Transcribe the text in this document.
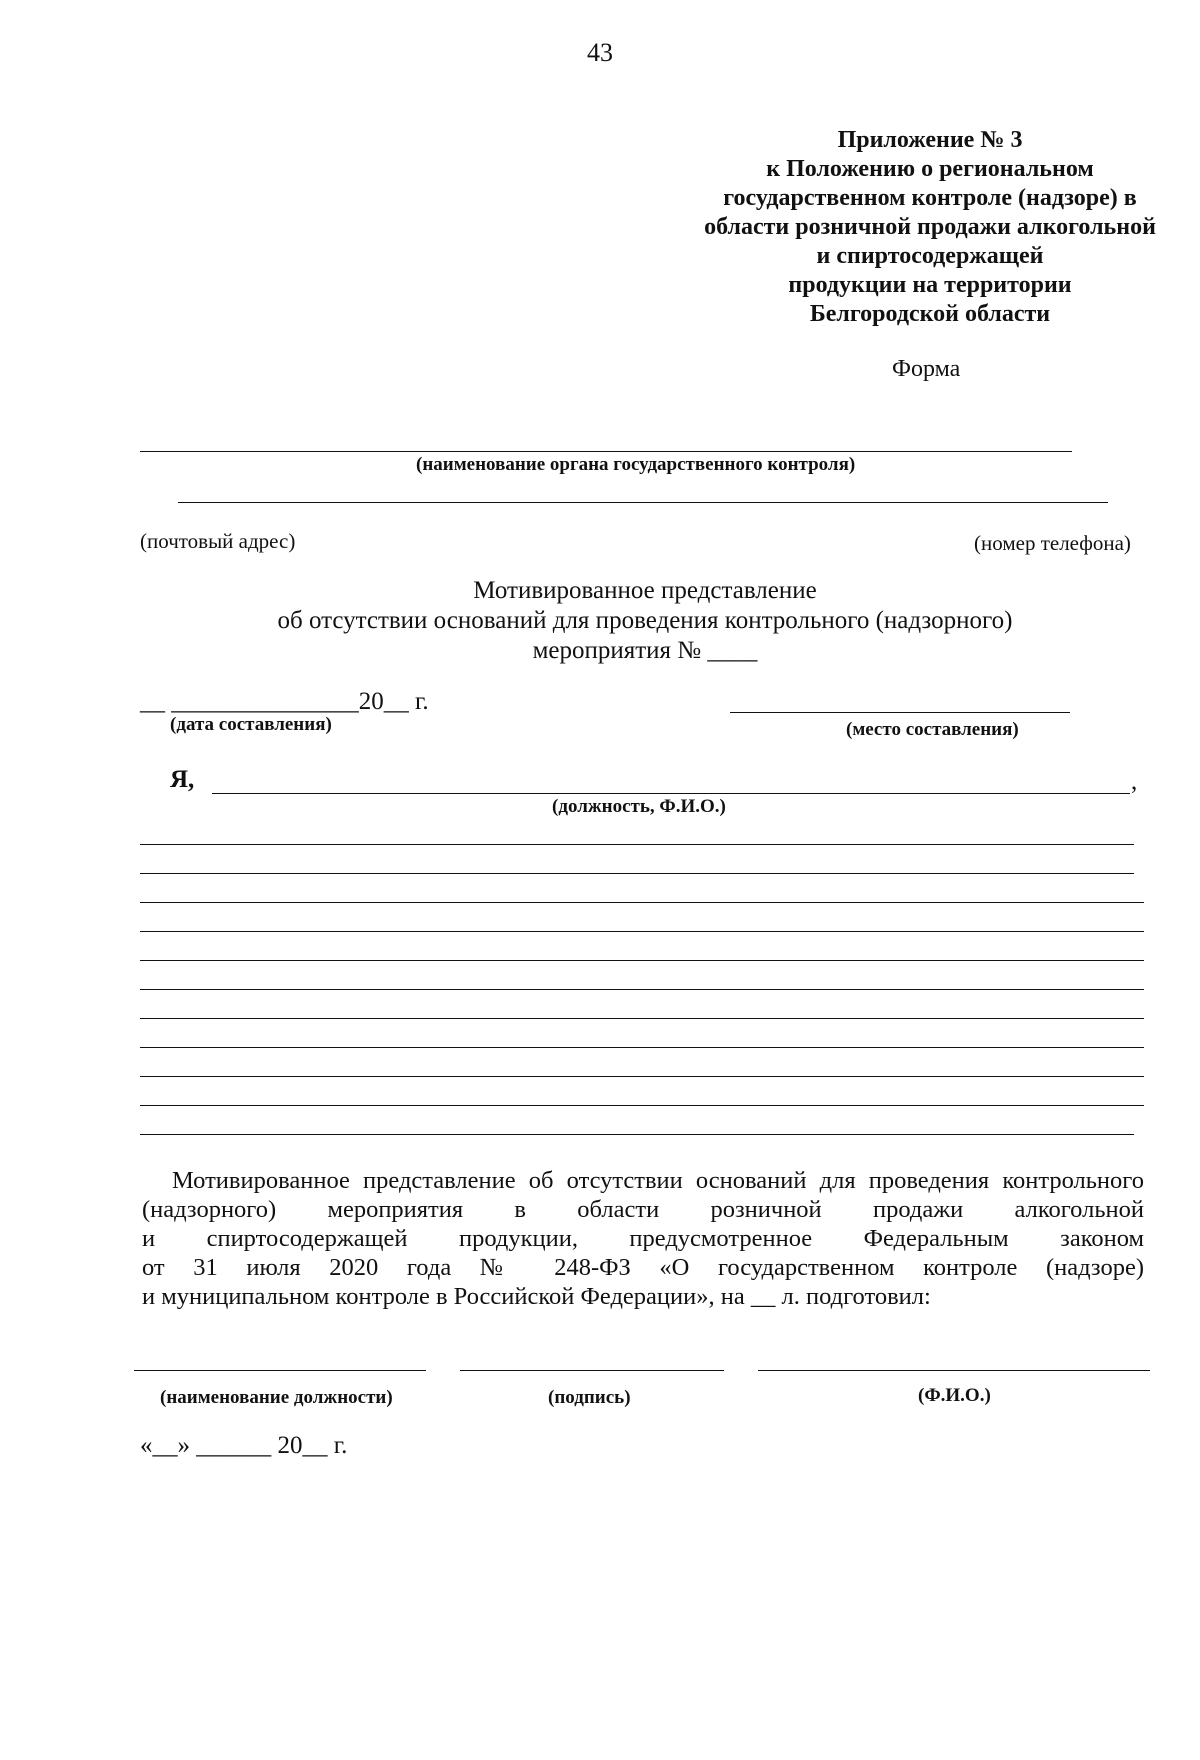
43
Приложение № 3
к Положению о региональном
государственном контроле (надзоре) в
области розничной продажи алкогольной
и спиртосодержащей
продукции на территории
Белгородской области
Форма
(наименование органа государственного контроля)
(почтовый адрес)	(номер телефона)
Мотивированное представление
об отсутствии оснований для проведения контрольного (надзорного)
мероприятия № ____
__ _______________20__ г.
(дата составления)	(место составления)
Я,	,
(должность, Ф.И.О.)
Мотивированное представление об отсутствии оснований для проведения контрольного
(надзорного) мероприятия в области розничной продажи алкогольной
и спиртосодержащей продукции, предусмотренное Федеральным законом
от 31 июля 2020 года № 248-ФЗ «О государственном контроле (надзоре)
и муниципальном контроле в Российской Федерации», на __ л. подготовил:
(наименование должности)	(подпись)	(Ф.И.О.)
«__» ______ 20__ г.
